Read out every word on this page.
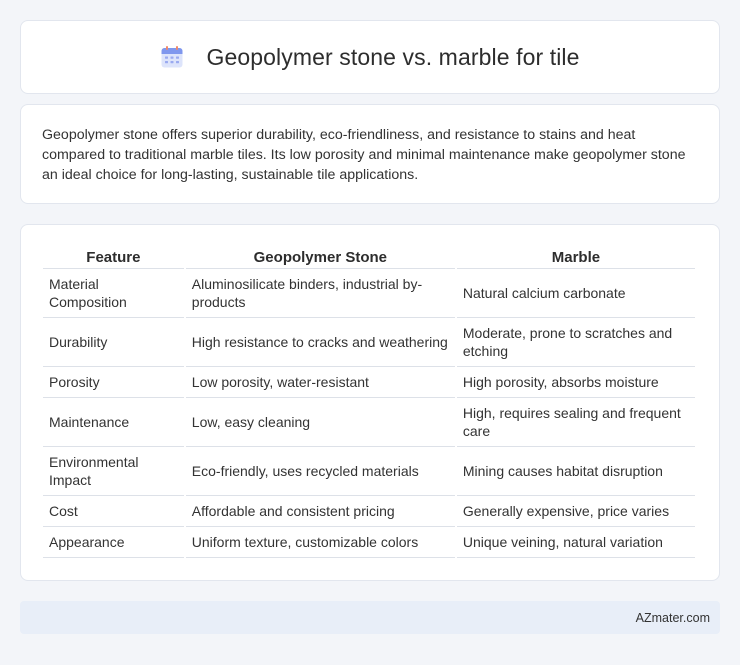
Geopolymer stone vs. marble for tile

Geopolymer stone offers superior durability, eco-friendliness, and resistance to stains and heat compared to traditional marble tiles. Its low porosity and minimal maintenance make geopolymer stone an ideal choice for long-lasting, sustainable tile applications.

Feature	Geopolymer Stone	Marble
Material Composition	Aluminosilicate binders, industrial by-products	Natural calcium carbonate
Durability	High resistance to cracks and weathering	Moderate, prone to scratches and etching
Porosity	Low porosity, water-resistant	High porosity, absorbs moisture
Maintenance	Low, easy cleaning	High, requires sealing and frequent care
Environmental Impact	Eco-friendly, uses recycled materials	Mining causes habitat disruption
Cost	Affordable and consistent pricing	Generally expensive, price varies
Appearance	Uniform texture, customizable colors	Unique veining, natural variation
AZmater.com
